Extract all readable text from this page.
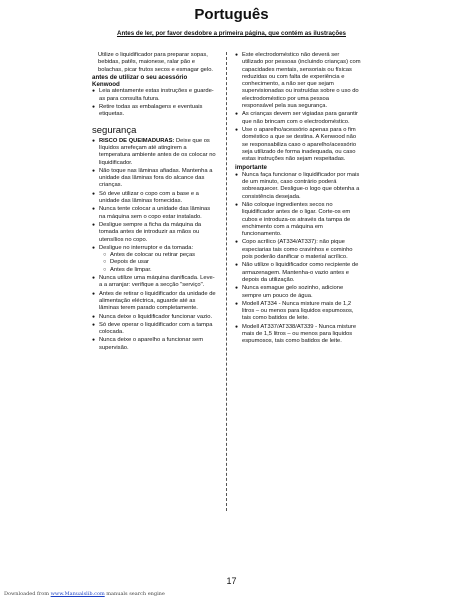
Português

Antes de ler, por favor desdobre a primeira página, que contém as ilustrações

Utilize o liquidificador para preparar sopas, bebidas, patês, maionese, ralar pão e bolachas, picar frutos secos e esmagar gelo.

antes de utilizar o seu acessório Kenwood

● Leia atentamente estas instruções e guarde-as para consulta futura.
● Retire todas as embalagens e eventuais etiquetas.
segurança
● RISCO DE QUEIMADURAS: Deixe que os líquidos arrefeçam até atingirem a temperatura ambiente antes de os colocar no liquidificador.
● Não toque nas lâminas afiadas. Mantenha a unidade das lâminas fora do alcance das crianças.
● Só deve utilizar o copo com a base e a unidade das lâminas fornecidas.
● Nunca tente colocar a unidade das lâminas na máquina sem o copo estar instalado.
● Desligue sempre a ficha da máquina da tomada antes de introduzir as mãos ou utensílios no copo.
● Desligue no interruptor e da tomada:
○ Antes de colocar ou retirar peças
○ Depois de usar
○ Antes de limpar.
● Nunca utilize uma máquina danificada. Leve-a a arranjar: verifique a secção "serviço".
● Antes de retirar o liquidificador da unidade de alimentação eléctrica, aguarde até as lâminas terem parado completamente.
● Nunca deixe o liquidificador funcionar vazio.
● Só deve operar o liquidificador com a tampa colocada.
● Nunca deixe o aparelho a funcionar sem supervisão.
● Este electrodoméstico não deverá ser utilizado por pessoas (incluindo crianças) com capacidades mentais, sensoriais ou físicas reduzidas ou com falta de experiência e conhecimento, a não ser que sejam supervisionadas ou instruídas sobre o uso do electrodoméstico por uma pessoa responsável pela sua segurança.
● As crianças devem ser vigiadas para garantir que não brincam com o electrodoméstico.
● Use o aparelho/acessório apenas para o fim doméstico a que se destina. A Kenwood não se responsabiliza caso o aparelho/acessório seja utilizado de forma inadequada, ou caso estas instruções não sejam respeitadas.

importante

● Nunca faça funcionar o liquidificador por mais de um minuto, caso contrário poderá sobreaquecer. Desligue-o logo que obtenha a consistência desejada.
● Não coloque ingredientes secos no liquidificador antes de o ligar. Corte-os em cubos e introduza-os através da tampa de enchimento com a máquina em funcionamento.
● Copo acrílico (AT334/AT337): não pique especiarias tais como cravinhos e cominho pois poderão danificar o material acrílico.
● Não utilize o liquidificador como recipiente de armazenagem. Mantenha-o vazio antes e depois da utilização.
● Nunca esmague gelo sozinho, adicione sempre um pouco de água.
● Modell AT334 - Nunca misture mais de 1,2 litros – ou menos para liquidos espumosos, tais como batidos de leite.
● Modell AT337/AT338/AT339 - Nunca misture mais de 1,5 litros – ou menos para liquidos espumosos, tais como batidos de leite.
17
Downloaded from www.Manualslib.com manuals search engine
